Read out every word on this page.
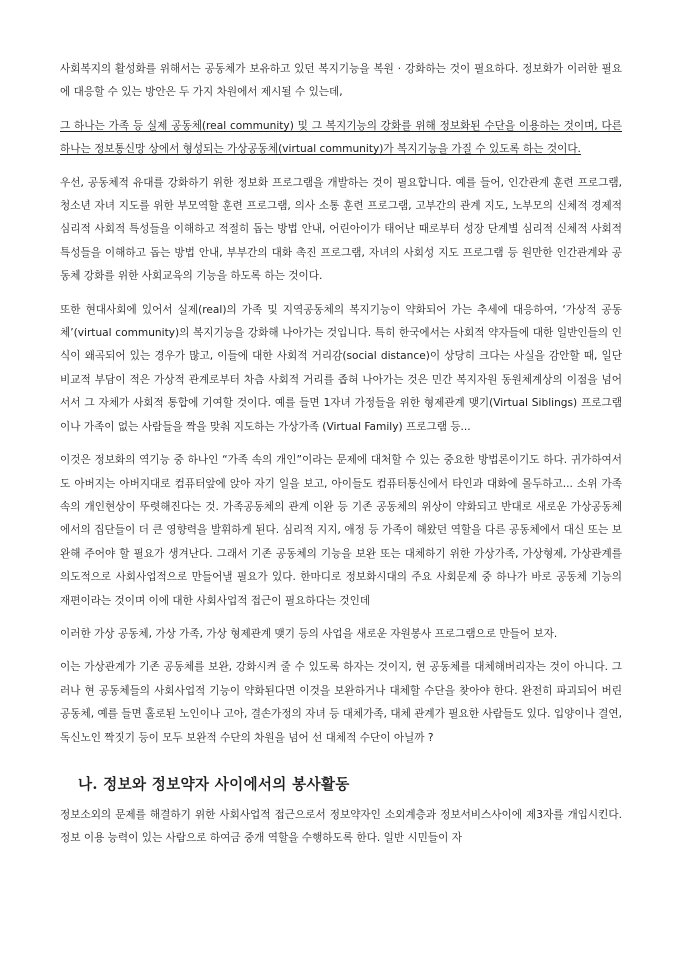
사회복지의 활성화를 위해서는 공동체가 보유하고 있던 복지기능을 복원 · 강화하는 것이 필요하다. 정보화가 이러한 필요에 대응할 수 있는 방안은 두 가지 차원에서 제시될 수 있는데,

그 하나는 가족 등 실제 공동체(real community) 및 그 복지기능의 강화를 위해 정보화된 수단을 이용하는 것이며, 다른 하나는 정보통신망 상에서 형성되는 가상공동체(virtual community)가 복지기능을 가질 수 있도록 하는 것이다.

우선, 공동체적 유대를 강화하기 위한 정보화 프로그램을 개발하는 것이 필요합니다. 예를 들어, 인간관계 훈련 프로그램, 청소년 자녀 지도를 위한 부모역할 훈련 프로그램, 의사 소통 훈련 프로그램, 고부간의 관계 지도, 노부모의 신체적 경제적 심리적 사회적 특성들을 이해하고 적절히 돕는 방법 안내, 어린아이가 태어난 때로부터 성장 단계별 심리적 신체적 사회적 특성들을 이해하고 돕는 방법 안내, 부부간의 대화 촉진 프로그램, 자녀의 사회성 지도 프로그램 등 원만한 인간관계와 공동체 강화를 위한 사회교육의 기능을 하도록 하는 것이다.

또한 현대사회에 있어서 실제(real)의 가족 및 지역공동체의 복지기능이 약화되어 가는 추세에 대응하여, ‘가상적 공동체’(virtual community)의 복지기능을 강화해 나아가는 것입니다. 특히 한국에서는 사회적 약자들에 대한 일반인들의 인식이 왜곡되어 있는 경우가 많고, 이들에 대한 사회적 거리감(social distance)이 상당히 크다는 사실을 감안할 때, 일단 비교적 부담이 적은 가상적 관계로부터 차츰 사회적 거리를 좁혀 나아가는 것은 민간 복지자원 동원체계상의 이점을 넘어서서 그 자체가 사회적 통합에 기여할 것이다. 예를 들면 1자녀 가정들을 위한 형제관계 맺기(Virtual Siblings) 프로그램이나 가족이 없는 사람들을 짝을 맞춰 지도하는 가상가족 (Virtual Family) 프로그램 등...

이것은 정보화의 역기능 중 하나인 “가족 속의 개인”이라는 문제에 대처할 수 있는 중요한 방법론이기도 하다. 귀가하여서도 아버지는 아버지대로 컴퓨터앞에 앉아 자기 일을 보고, 아이들도 컴퓨터통신에서 타인과 대화에 몰두하고... 소위 가족속의 개인현상이 뚜렷해진다는 것. 가족공동체의 관계 이완 등 기존 공동체의 위상이 약화되고 반대로 새로운 가상공동체에서의 집단들이 더 큰 영향력을 발휘하게 된다. 심리적 지지, 애정 등 가족이 해왔던 역할을 다른 공동체에서 대신 또는 보완해 주어야 할 필요가 생겨난다. 그래서 기존 공동체의 기능을 보완 또는 대체하기 위한 가상가족, 가상형제, 가상관계를 의도적으로 사회사업적으로 만들어낼 필요가 있다. 한마디로 정보화시대의 주요 사회문제 중 하나가 바로 공동체 기능의 재편이라는 것이며 이에 대한 사회사업적 접근이 필요하다는 것인데

이러한 가상 공동체, 가상 가족, 가상 형제관계 맺기 등의 사업을 새로운 자원봉사 프로그램으로 만들어 보자.

이는 가상관계가 기존 공동체를 보완, 강화시켜 줄 수 있도록 하자는 것이지, 현 공동체를 대체해버리자는 것이 아니다. 그러나 현 공동체들의 사회사업적 기능이 약화된다면 이것을 보완하거나 대체할 수단을 찾아야 한다. 완전히 파괴되어 버린 공동체, 예를 들면 홀로된 노인이나 고아, 결손가정의 자녀 등 대체가족, 대체 관계가 필요한 사람들도 있다. 입양이나 결연, 독신노인 짝짓기 등이 모두 보완적 수단의 차원을 넘어 선 대체적 수단이 아닐까 ?

나. 정보와 정보약자 사이에서의 봉사활동

정보소외의 문제를 해결하기 위한 사회사업적 접근으로서 정보약자인 소외계층과 정보서비스사이에 제3자를 개입시킨다. 정보 이용 능력이 있는 사람으로 하여금 중개 역할을 수행하도록 한다. 일반 시민들이 자
